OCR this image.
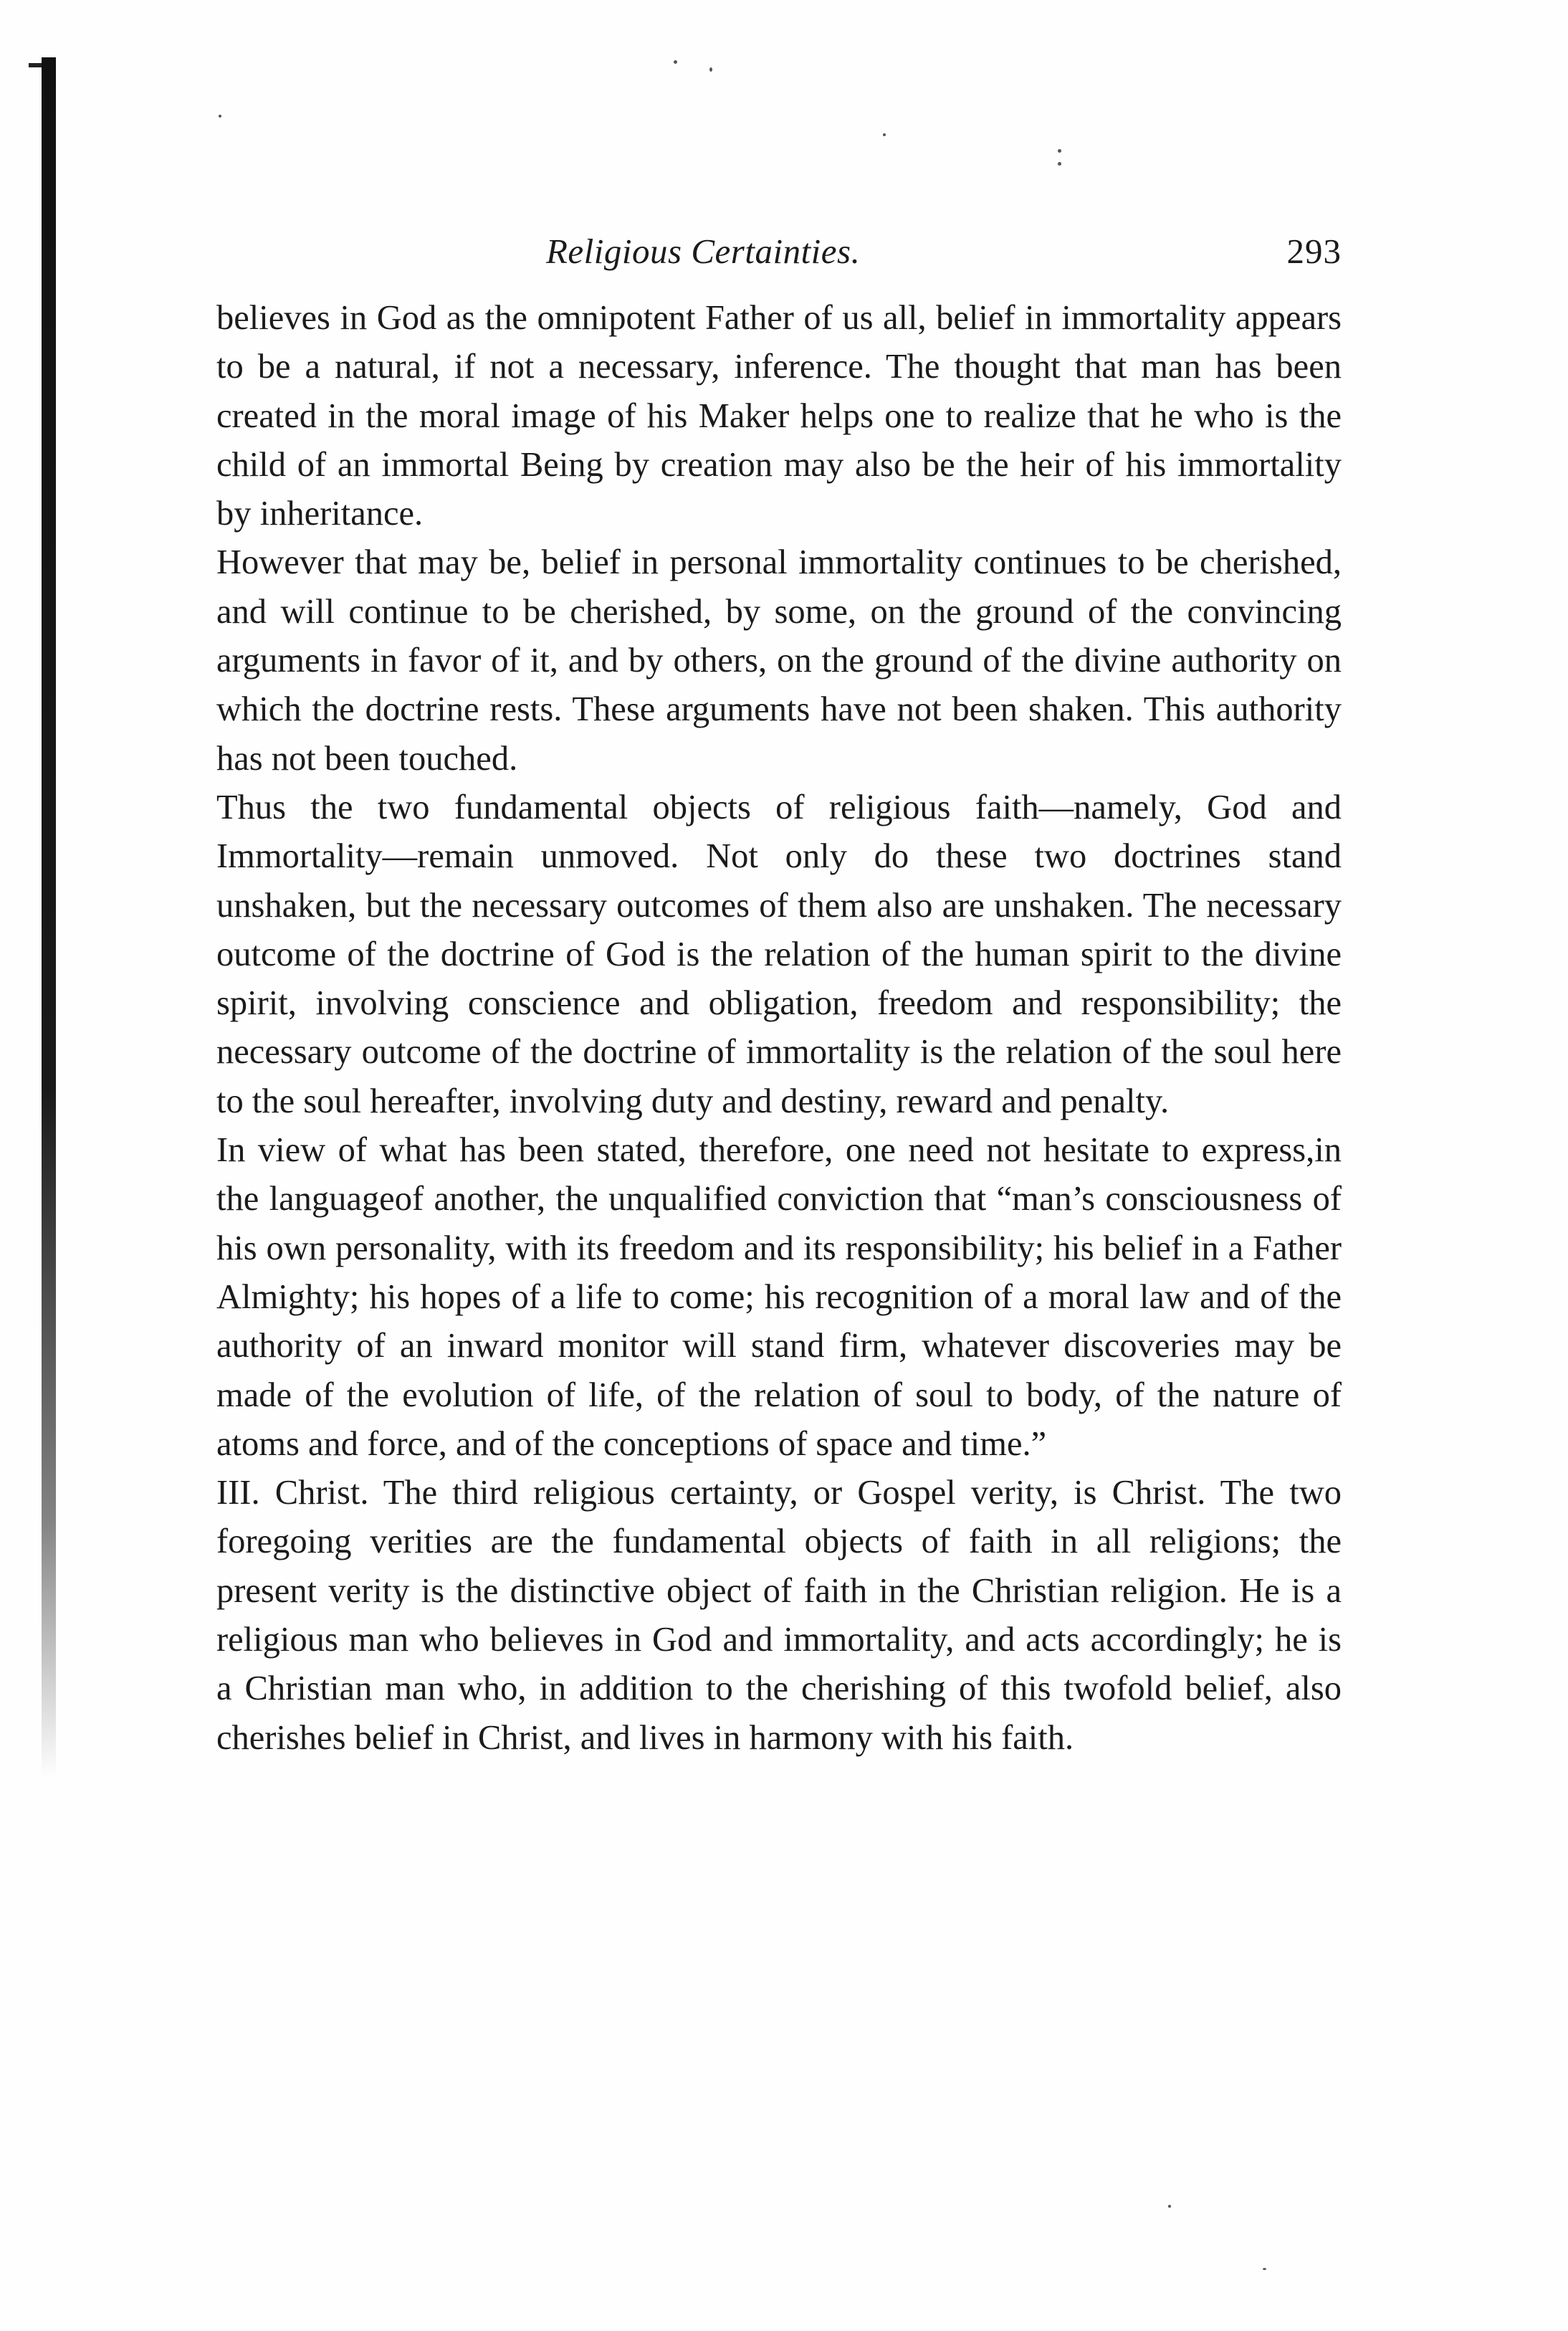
Religious Certainties.	293

believes in God as the omnipotent Father of us all, belief in immortality appears to be a natural, if not a necessary, inference. The thought that man has been created in the moral image of his Maker helps one to realize that he who is the child of an immortal Being by creation may also be the heir of his immortality by inheritance.

However that may be, belief in personal immortality continues to be cherished, and will continue to be cherished, by some, on the ground of the convincing arguments in favor of it, and by others, on the ground of the divine authority on which the doctrine rests. These arguments have not been shaken. This authority has not been touched.

Thus the two fundamental objects of religious faith—namely, God and Immortality—remain unmoved. Not only do these two doctrines stand unshaken, but the necessary outcomes of them also are unshaken. The necessary outcome of the doctrine of God is the relation of the human spirit to the divine spirit, involving conscience and obligation, freedom and responsibility; the necessary outcome of the doctrine of immortality is the relation of the soul here to the soul hereafter, involving duty and destiny, reward and penalty.

In view of what has been stated, therefore, one need not hesitate to express,in the languageof another, the unqualified conviction that “man’s consciousness of his own personality, with its freedom and its responsibility; his belief in a Father Almighty; his hopes of a life to come; his recognition of a moral law and of the authority of an inward monitor will stand firm, whatever discoveries may be made of the evolution of life, of the relation of soul to body, of the nature of atoms and force, and of the conceptions of space and time.”

III. Christ. The third religious certainty, or Gospel verity, is Christ. The two foregoing verities are the fundamental objects of faith in all religions; the present verity is the distinctive object of faith in the Christian religion. He is a religious man who believes in God and immortality, and acts accordingly; he is a Christian man who, in addition to the cherishing of this twofold belief, also cherishes belief in Christ, and lives in harmony with his faith.
